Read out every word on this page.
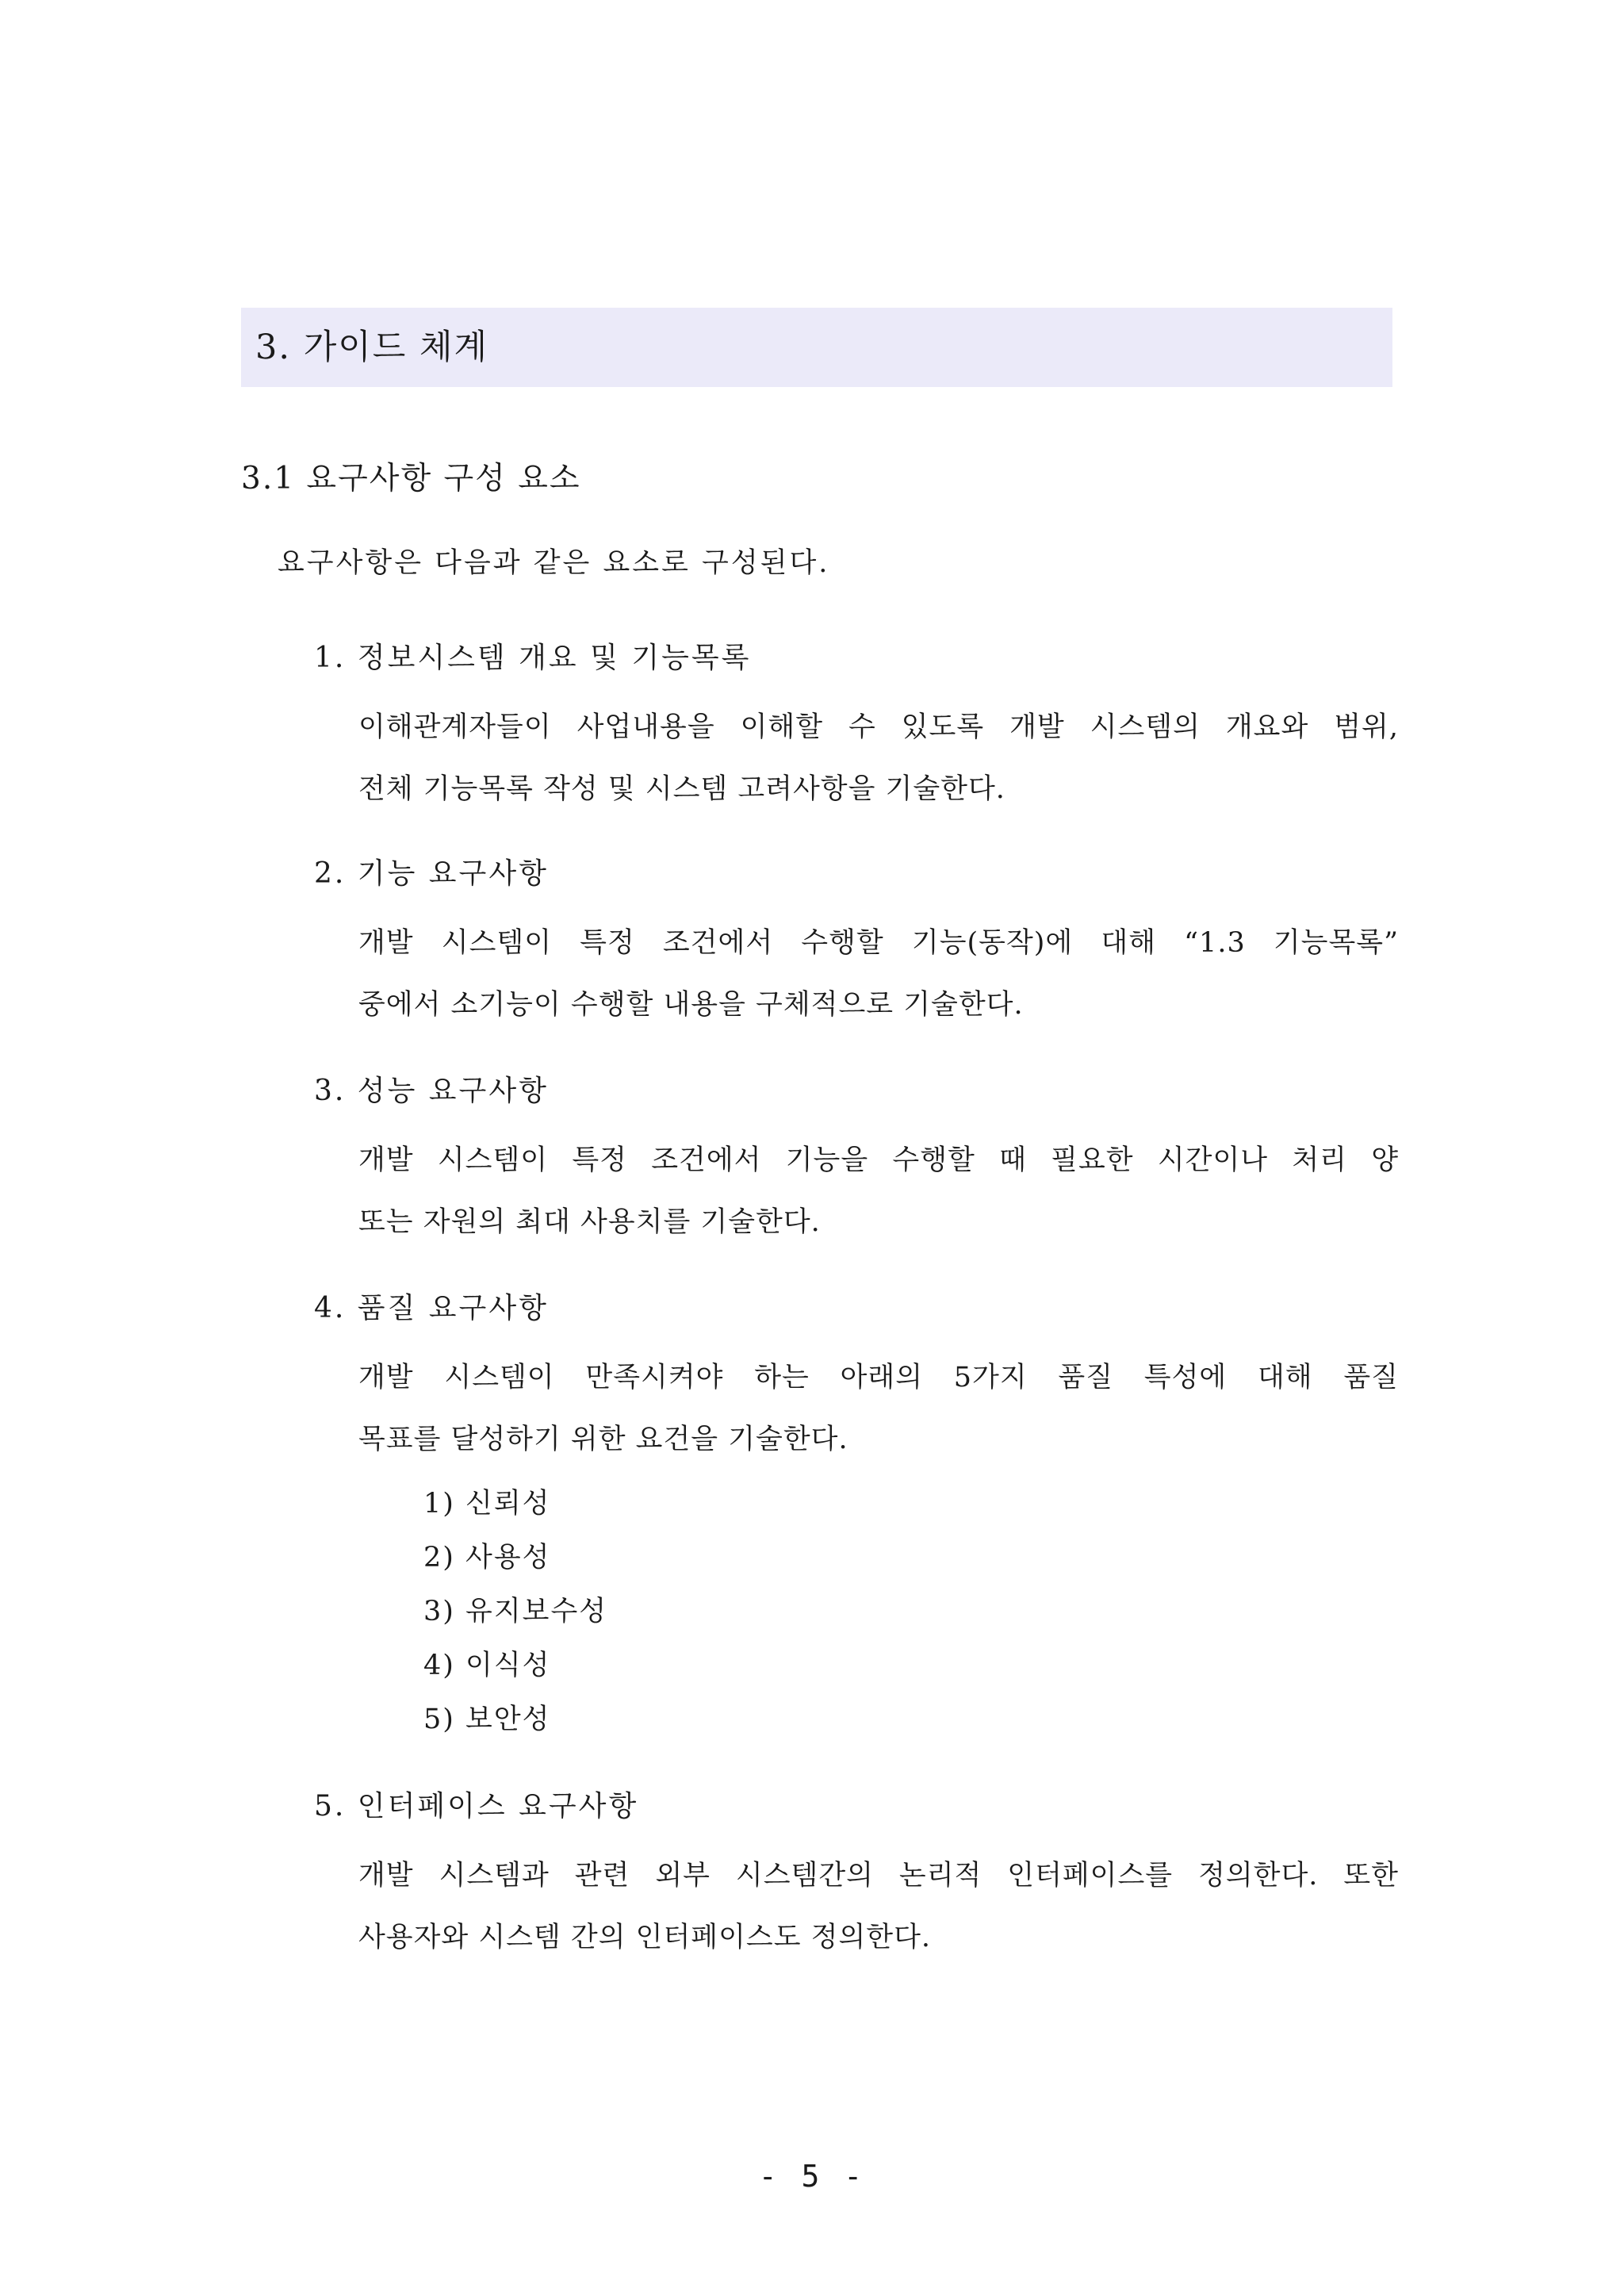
3. 가이드 체계
3.1 요구사항 구성 요소
요구사항은 다음과 같은 요소로 구성된다.
1. 정보시스템 개요 및 기능목록
이해관계자들이 사업내용을 이해할 수 있도록 개발 시스템의 개요와 범위,
전체 기능목록 작성 및 시스템 고려사항을 기술한다.
2. 기능 요구사항
개발 시스템이 특정 조건에서 수행할 기능(동작)에 대해 “1.3 기능목록”
중에서 소기능이 수행할 내용을 구체적으로 기술한다.
3. 성능 요구사항
개발 시스템이 특정 조건에서 기능을 수행할 때 필요한 시간이나 처리 양
또는 자원의 최대 사용치를 기술한다.
4. 품질 요구사항
개발 시스템이 만족시켜야 하는 아래의 5가지 품질 특성에 대해 품질
목표를 달성하기 위한 요건을 기술한다.
1) 신뢰성
2) 사용성
3) 유지보수성
4) 이식성
5) 보안성
5. 인터페이스 요구사항
개발 시스템과 관련 외부 시스템간의 논리적 인터페이스를 정의한다. 또한
사용자와 시스템 간의 인터페이스도 정의한다.
- 5 -
